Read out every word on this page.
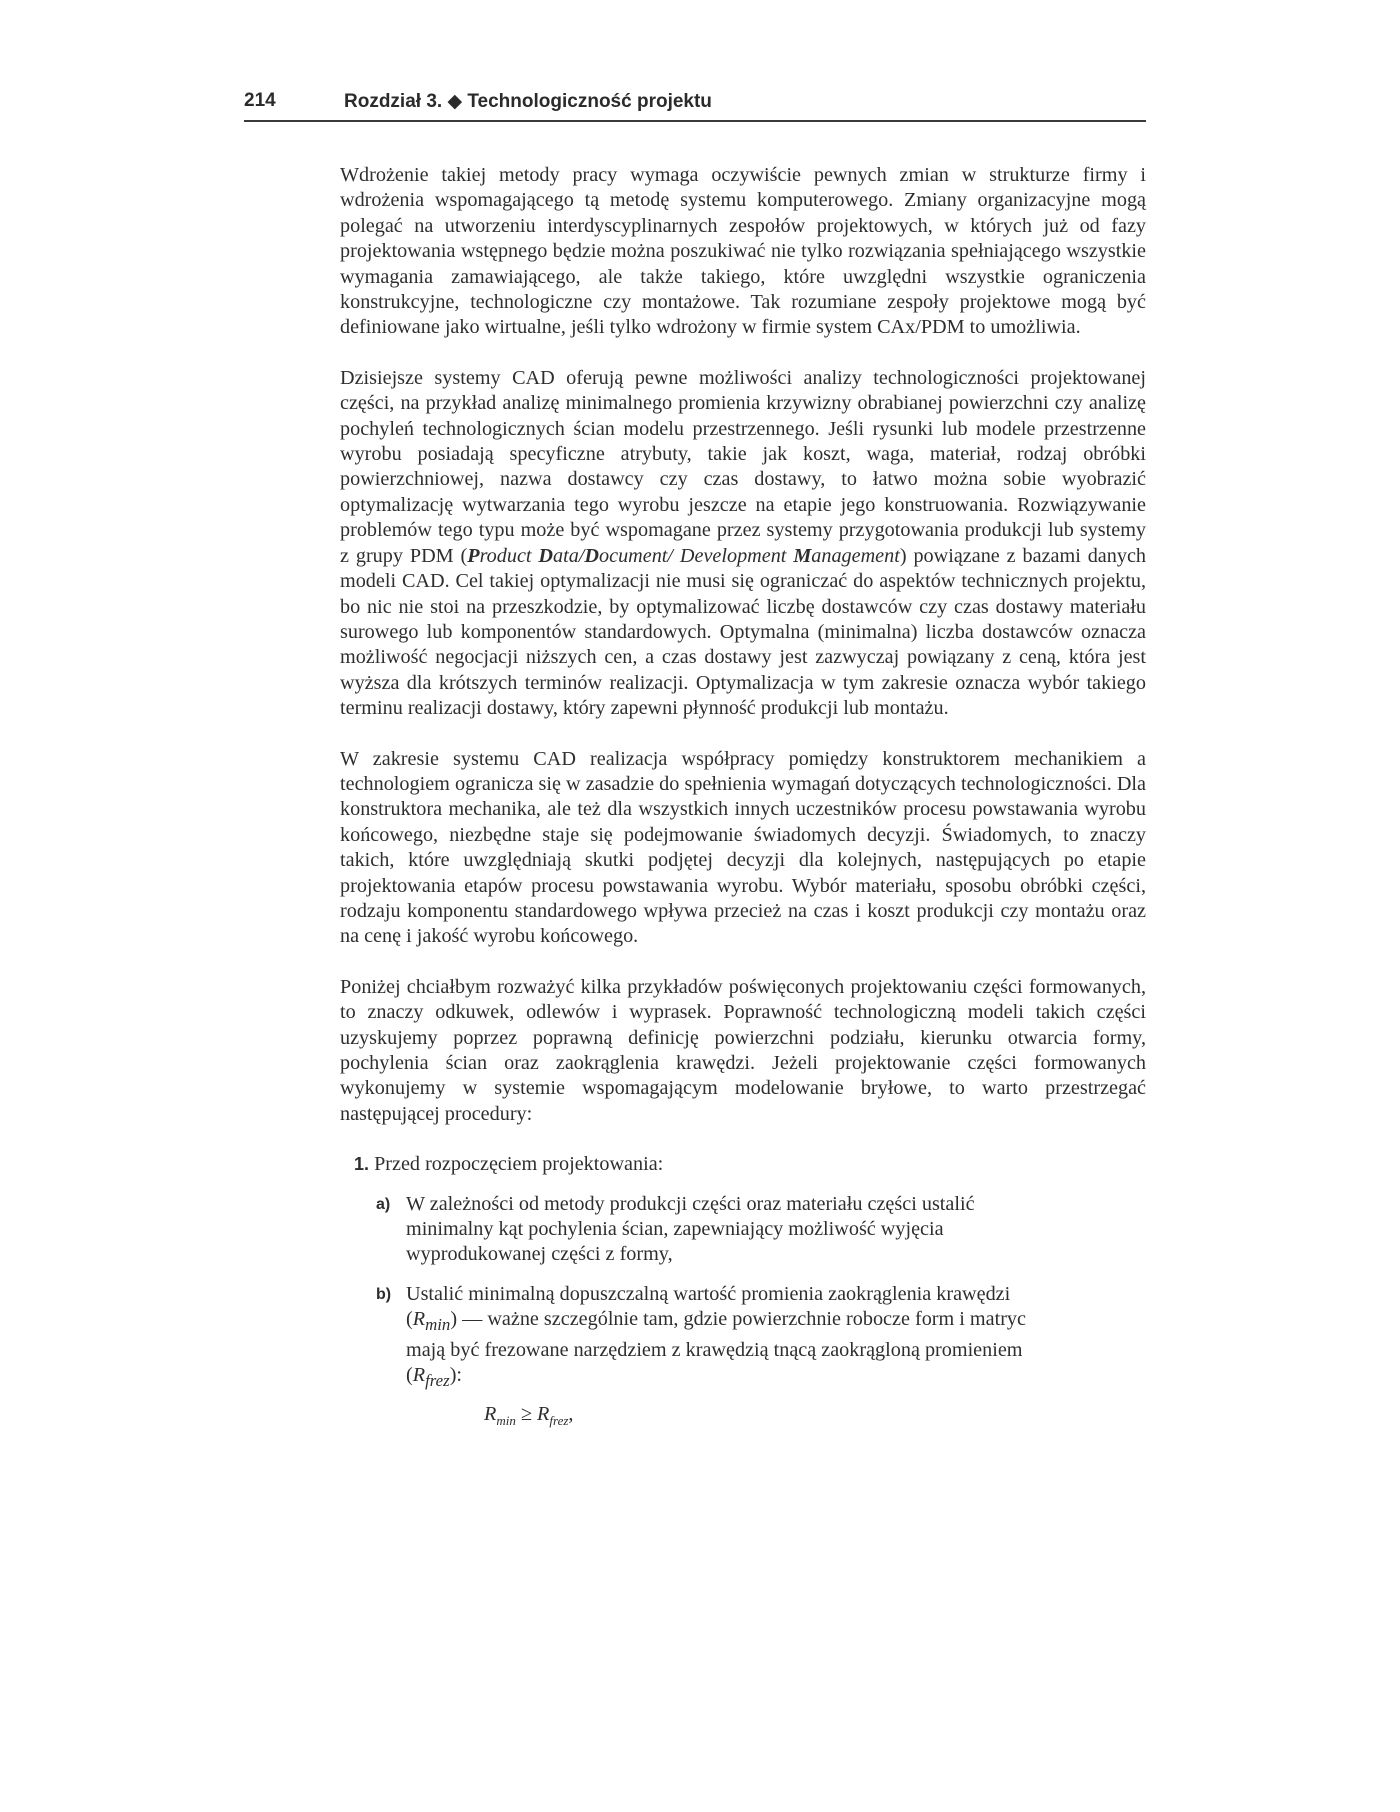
214	Rozdział 3. ◆ Technologiczność projektu

Wdrożenie takiej metody pracy wymaga oczywiście pewnych zmian w strukturze firmy i wdrożenia wspomagającego tą metodę systemu komputerowego. Zmiany organizacyjne mogą polegać na utworzeniu interdyscyplinarnych zespołów projektowych, w których już od fazy projektowania wstępnego będzie można poszukiwać nie tylko rozwiązania spełniającego wszystkie wymagania zamawiającego, ale także takiego, które uwzględni wszystkie ograniczenia konstrukcyjne, technologiczne czy montażowe. Tak rozumiane zespoły projektowe mogą być definiowane jako wirtualne, jeśli tylko wdrożony w firmie system CAx/PDM to umożliwia.

Dzisiejsze systemy CAD oferują pewne możliwości analizy technologiczności projektowanej części, na przykład analizę minimalnego promienia krzywizny obrabianej powierzchni czy analizę pochyleń technologicznych ścian modelu przestrzennego. Jeśli rysunki lub modele przestrzenne wyrobu posiadają specyficzne atrybuty, takie jak koszt, waga, materiał, rodzaj obróbki powierzchniowej, nazwa dostawcy czy czas dostawy, to łatwo można sobie wyobrazić optymalizację wytwarzania tego wyrobu jeszcze na etapie jego konstruowania. Rozwiązywanie problemów tego typu może być wspomagane przez systemy przygotowania produkcji lub systemy z grupy PDM (Product Data/Document/ Development Management) powiązane z bazami danych modeli CAD. Cel takiej optymalizacji nie musi się ograniczać do aspektów technicznych projektu, bo nic nie stoi na przeszkodzie, by optymalizować liczbę dostawców czy czas dostawy materiału surowego lub komponentów standardowych. Optymalna (minimalna) liczba dostawców oznacza możliwość negocjacji niższych cen, a czas dostawy jest zazwyczaj powiązany z ceną, która jest wyższa dla krótszych terminów realizacji. Optymalizacja w tym zakresie oznacza wybór takiego terminu realizacji dostawy, który zapewni płynność produkcji lub montażu.

W zakresie systemu CAD realizacja współpracy pomiędzy konstruktorem mechanikiem a technologiem ogranicza się w zasadzie do spełnienia wymagań dotyczących technologiczności. Dla konstruktora mechanika, ale też dla wszystkich innych uczestników procesu powstawania wyrobu końcowego, niezbędne staje się podejmowanie świadomych decyzji. Świadomych, to znaczy takich, które uwzględniają skutki podjętej decyzji dla kolejnych, następujących po etapie projektowania etapów procesu powstawania wyrobu. Wybór materiału, sposobu obróbki części, rodzaju komponentu standardowego wpływa przecież na czas i koszt produkcji czy montażu oraz na cenę i jakość wyrobu końcowego.

Poniżej chciałbym rozważyć kilka przykładów poświęconych projektowaniu części formowanych, to znaczy odkuwek, odlewów i wyprasek. Poprawność technologiczną modeli takich części uzyskujemy poprzez poprawną definicję powierzchni podziału, kierunku otwarcia formy, pochylenia ścian oraz zaokrąglenia krawędzi. Jeżeli projektowanie części formowanych wykonujemy w systemie wspomagającym modelowanie bryłowe, to warto przestrzegać następującej procedury:

1. Przed rozpoczęciem projektowania:
a) W zależności od metody produkcji części oraz materiału części ustalić minimalny kąt pochylenia ścian, zapewniający możliwość wyjęcia wyprodukowanej części z formy,
b) Ustalić minimalną dopuszczalną wartość promienia zaokrąglenia krawędzi $(R_{min})$ — ważne szczególnie tam, gdzie powierzchnie robocze form i matryc mają być frezowane narzędziem z krawędzią tnącą zaokrągloną promieniem $(R_{frez})$:
$R_{min} \ge R_{frez}$,
